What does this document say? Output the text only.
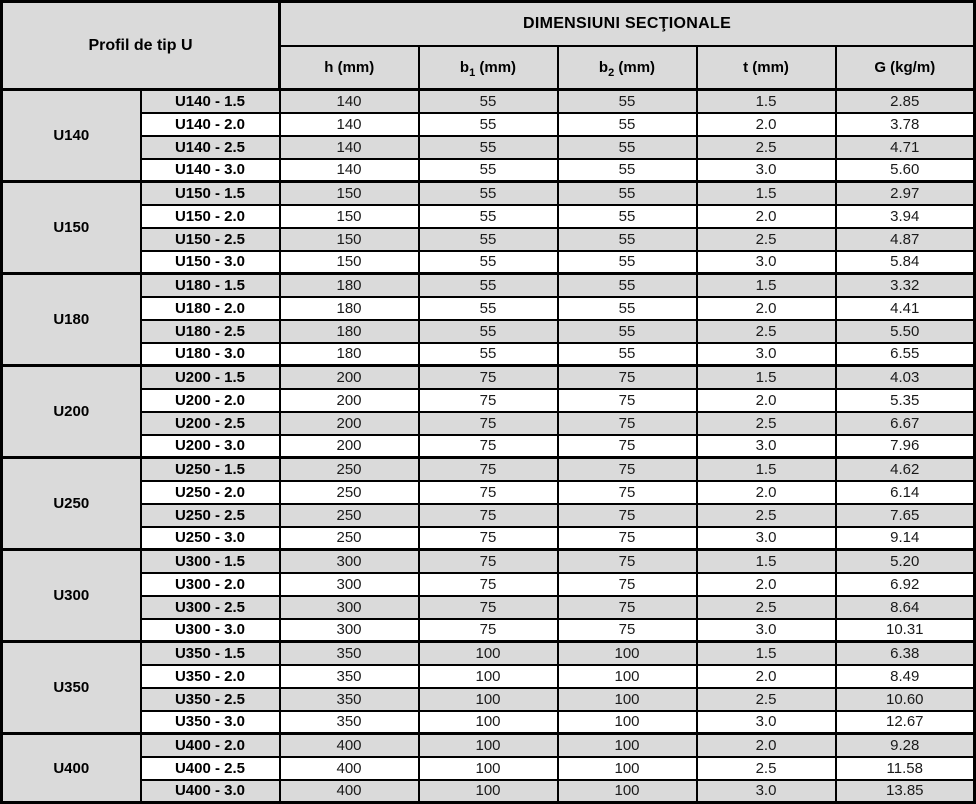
Profil de tip U		DIMENSIUNI SECŢIONALE				
		h (mm)	$b_1$ (mm)	$b_2$ (mm)	t (mm)	G (kg/m)
U140	U140 - 1.5	140	55	55	1.5	2.85
	U140 - 2.0	140	55	55	2.0	3.78
	U140 - 2.5	140	55	55	2.5	4.71
	U140 - 3.0	140	55	55	3.0	5.60
U150	U150 - 1.5	150	55	55	1.5	2.97
	U150 - 2.0	150	55	55	2.0	3.94
	U150 - 2.5	150	55	55	2.5	4.87
	U150 - 3.0	150	55	55	3.0	5.84
U180	U180 - 1.5	180	55	55	1.5	3.32
	U180 - 2.0	180	55	55	2.0	4.41
	U180 - 2.5	180	55	55	2.5	5.50
	U180 - 3.0	180	55	55	3.0	6.55
U200	U200 - 1.5	200	75	75	1.5	4.03
	U200 - 2.0	200	75	75	2.0	5.35
	U200 - 2.5	200	75	75	2.5	6.67
	U200 - 3.0	200	75	75	3.0	7.96
U250	U250 - 1.5	250	75	75	1.5	4.62
	U250 - 2.0	250	75	75	2.0	6.14
	U250 - 2.5	250	75	75	2.5	7.65
	U250 - 3.0	250	75	75	3.0	9.14
U300	U300 - 1.5	300	75	75	1.5	5.20
	U300 - 2.0	300	75	75	2.0	6.92
	U300 - 2.5	300	75	75	2.5	8.64
	U300 - 3.0	300	75	75	3.0	10.31
U350	U350 - 1.5	350	100	100	1.5	6.38
	U350 - 2.0	350	100	100	2.0	8.49
	U350 - 2.5	350	100	100	2.5	10.60
	U350 - 3.0	350	100	100	3.0	12.67
U400	U400 - 2.0	400	100	100	2.0	9.28
	U400 - 2.5	400	100	100	2.5	11.58
	U400 - 3.0	400	100	100	3.0	13.85
